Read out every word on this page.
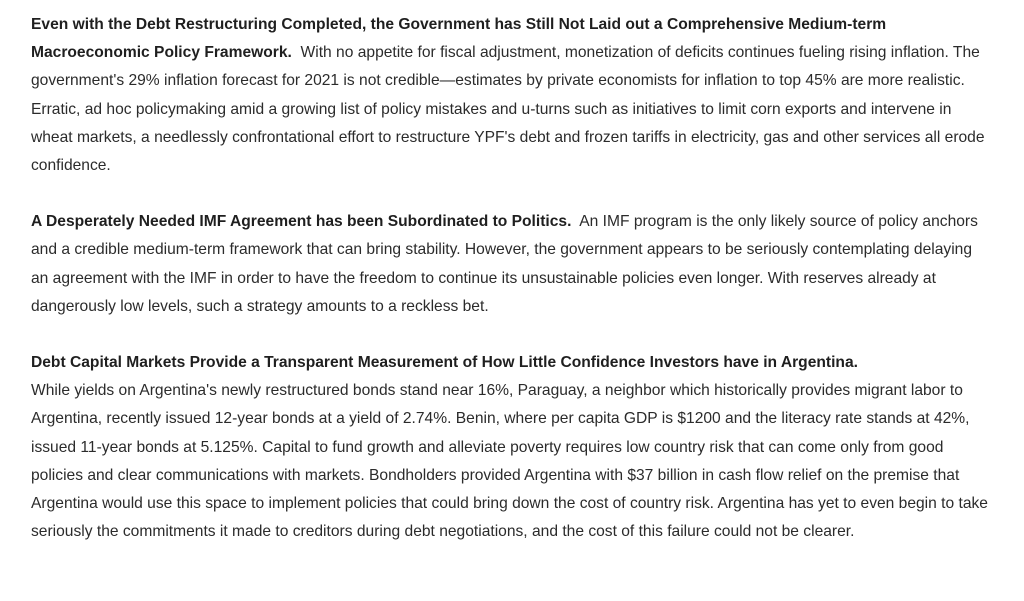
Even with the Debt Restructuring Completed, the Government has Still Not Laid out a Comprehensive Medium-term Macroeconomic Policy Framework. With no appetite for fiscal adjustment, monetization of deficits continues fueling rising inflation. The government's 29% inflation forecast for 2021 is not credible—estimates by private economists for inflation to top 45% are more realistic. Erratic, ad hoc policymaking amid a growing list of policy mistakes and u-turns such as initiatives to limit corn exports and intervene in wheat markets, a needlessly confrontational effort to restructure YPF's debt and frozen tariffs in electricity, gas and other services all erode confidence.

A Desperately Needed IMF Agreement has been Subordinated to Politics. An IMF program is the only likely source of policy anchors and a credible medium-term framework that can bring stability. However, the government appears to be seriously contemplating delaying an agreement with the IMF in order to have the freedom to continue its unsustainable policies even longer. With reserves already at dangerously low levels, such a strategy amounts to a reckless bet.

Debt Capital Markets Provide a Transparent Measurement of How Little Confidence Investors have in Argentina.
While yields on Argentina's newly restructured bonds stand near 16%, Paraguay, a neighbor which historically provides migrant labor to Argentina, recently issued 12-year bonds at a yield of 2.74%. Benin, where per capita GDP is $1200 and the literacy rate stands at 42%, issued 11-year bonds at 5.125%. Capital to fund growth and alleviate poverty requires low country risk that can come only from good policies and clear communications with markets. Bondholders provided Argentina with $37 billion in cash flow relief on the premise that Argentina would use this space to implement policies that could bring down the cost of country risk. Argentina has yet to even begin to take seriously the commitments it made to creditors during debt negotiations, and the cost of this failure could not be clearer.
